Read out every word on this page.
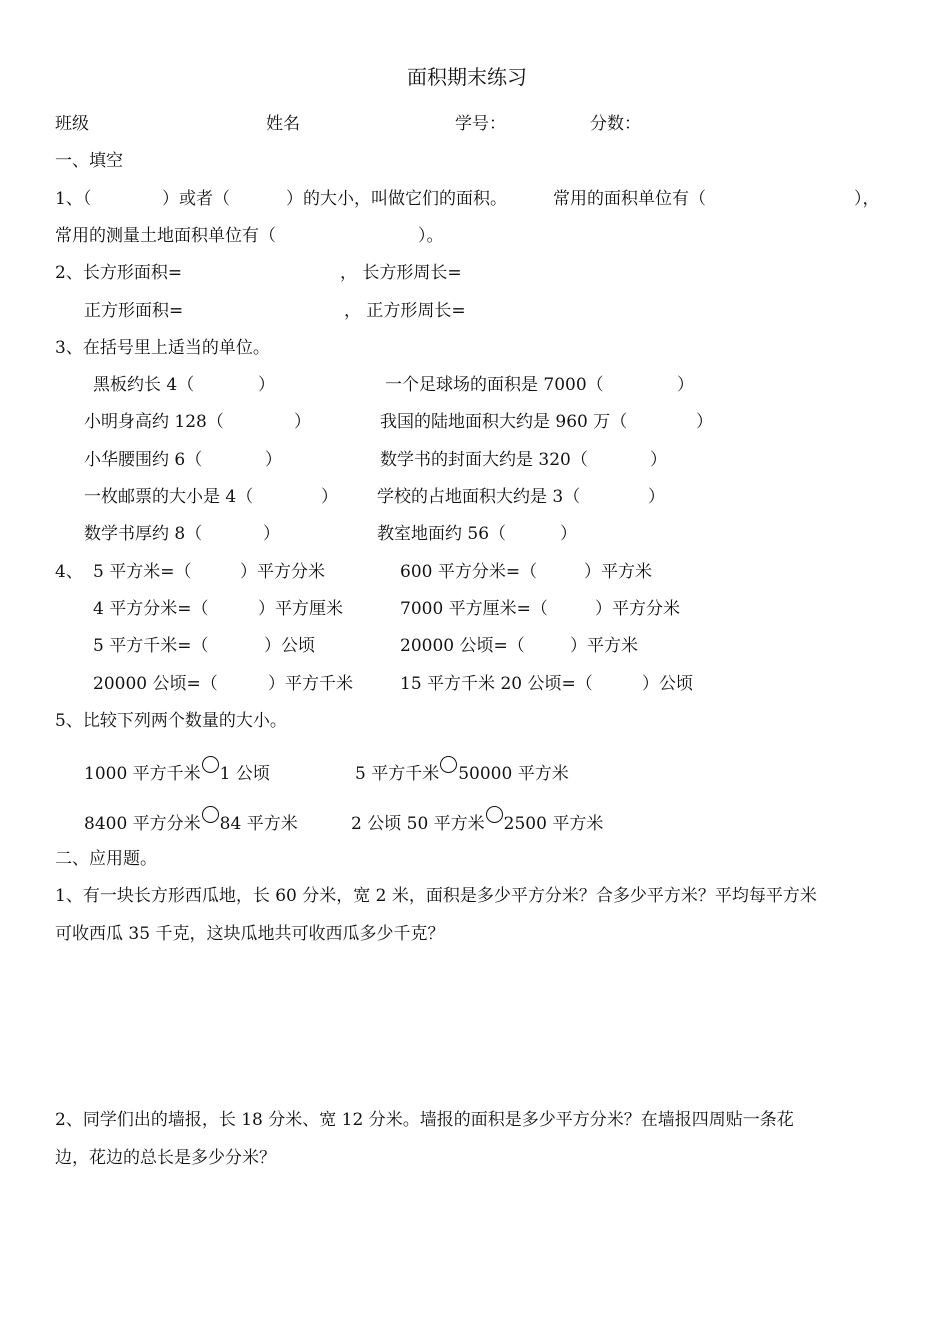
面积期末练习
班级	姓名	学号：	分数：
一、填空
1、（	）或者（	）的大小，叫做它们的面积。	常用的面积单位有（	），
常用的测量土地面积单位有（	）。
2、长方形面积=	， 长方形周长=
正方形面积=	， 正方形周长=
3、在括号里上适当的单位。
黑板约长 4（	）	一个足球场的面积是 7000（	）
小明身高约 128（	）	我国的陆地面积大约是 960 万（	）
小华腰围约 6（	）	数学书的封面大约是 320（	）
一枚邮票的大小是 4（	） 学校的占地面积大约是 3（	）
数学书厚约 8（	）	教室地面约 56（	）
4、 5 平方米=（	）平方分米	600 平方分米=（	）平方米
4 平方分米=（	）平方厘米	7000 平方厘米=（	）平方分米
5 平方千米=（	）公顷	20000 公顷=（	）平方米
20000 公顷=（	）平方千米	15 平方千米 20 公顷=（	）公顷
5、比较下列两个数量的大小。
1000 平方千米 1 公顷	5 平方千米 50000 平方米
8400 平方分米 84 平方米	2 公顷 50 平方米 2500 平方米
二、应用题。
1、有一块长方形西瓜地，长 60 分米，宽 2 米，面积是多少平方分米？合多少平方米？平均每平方米
可收西瓜 35 千克，这块瓜地共可收西瓜多少千克？
2、同学们出的墙报，长 18 分米、宽 12 分米。墙报的面积是多少平方分米？在墙报四周贴一条花
边，花边的总长是多少分米？
